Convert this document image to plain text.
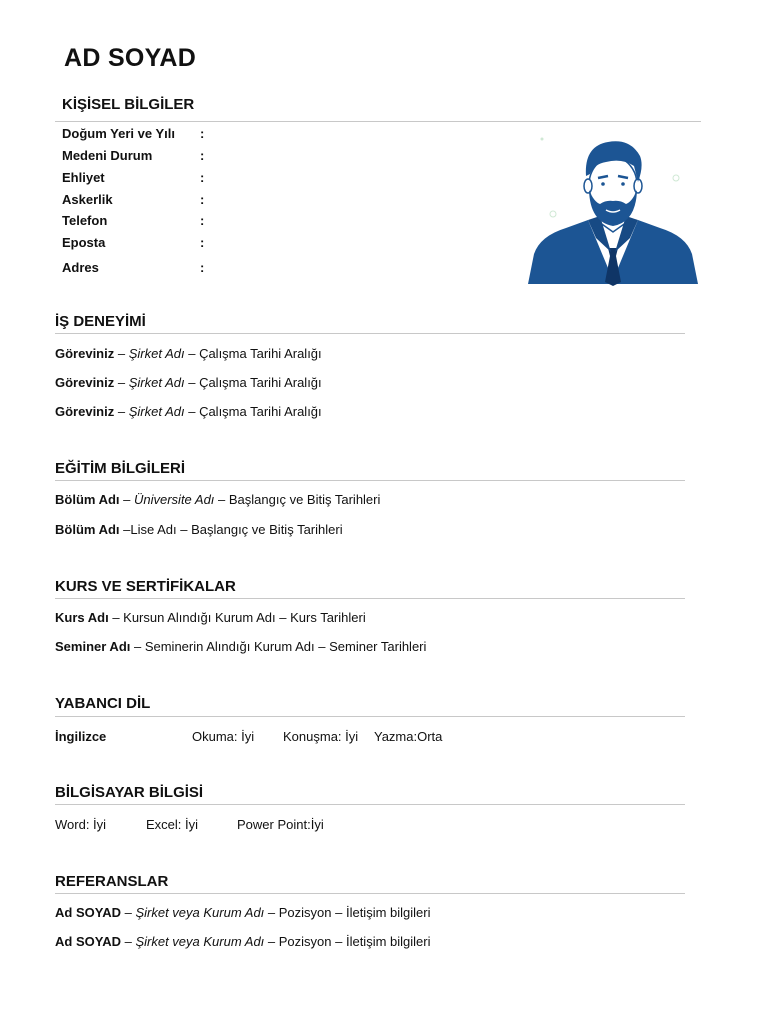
AD SOYAD
KİŞİSEL BİLGİLER
Doğum Yeri ve Yılı :
Medeni Durum	:
Ehliyet	:
Askerlik	:
Telefon	:
Eposta	:
Adres	:
İŞ DENEYİMİ
Göreviniz – Şirket Adı – Çalışma Tarihi Aralığı
Göreviniz – Şirket Adı – Çalışma Tarihi Aralığı
Göreviniz – Şirket Adı – Çalışma Tarihi Aralığı
EĞİTİM BİLGİLERİ
Bölüm Adı – Üniversite Adı – Başlangıç ve Bitiş Tarihleri
Bölüm Adı –Lise Adı – Başlangıç ve Bitiş Tarihleri
KURS VE SERTİFİKALAR
Kurs Adı – Kursun Alındığı Kurum Adı – Kurs Tarihleri
Seminer Adı – Seminerin Alındığı Kurum Adı – Seminer Tarihleri
YABANCI DİL
İngilizce	Okuma: İyi Konuşma: İyi Yazma:Orta
BİLGİSAYAR BİLGİSİ
Word: İyi	Excel: İyi	Power Point:İyi
REFERANSLAR
Ad SOYAD – Şirket veya Kurum Adı – Pozisyon – İletişim bilgileri
Ad SOYAD – Şirket veya Kurum Adı – Pozisyon – İletişim bilgileri
